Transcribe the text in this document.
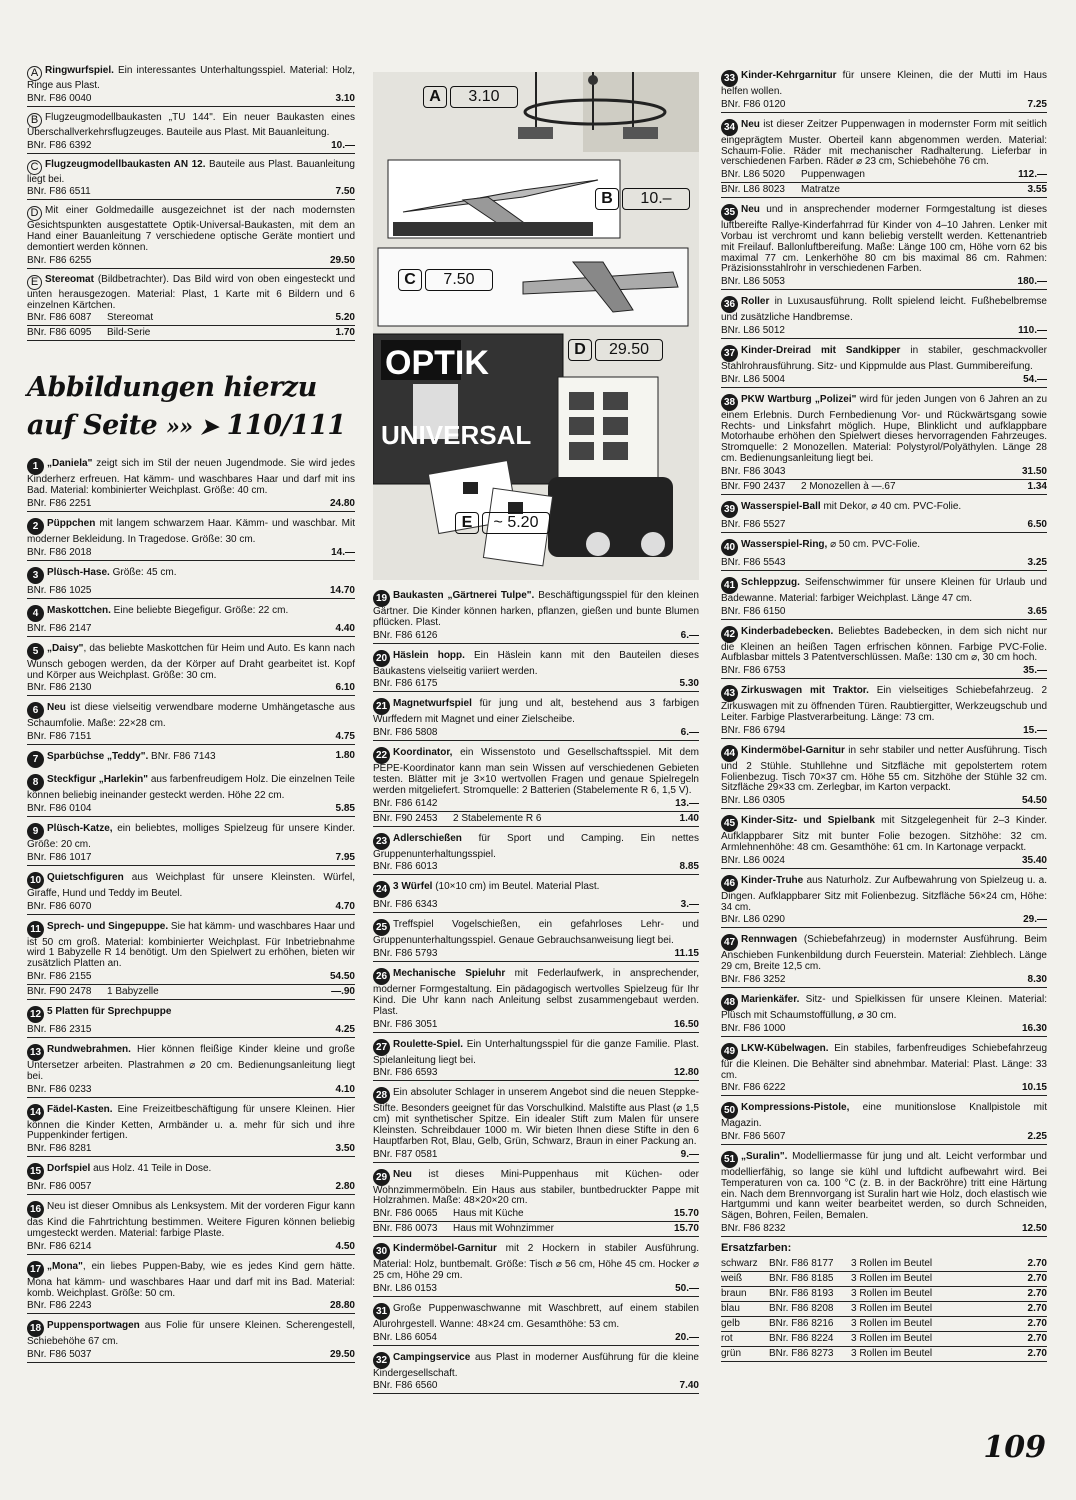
A Ringwurfspiel. Ein interessantes Unterhaltungsspiel. Material: Holz, Ringe aus Plast.
BNr. F86 0040	3.10
B Flugzeugmodellbaukasten „TU 144". Ein neuer Baukasten eines Überschallverkehrsflugzeuges. Bauteile aus Plast. Mit Bauanleitung.
BNr. F86 6392	10.—
C Flugzeugmodellbaukasten AN 12. Bauteile aus Plast. Bauanleitung liegt bei.
BNr. F86 6511	7.50
D Mit einer Goldmedaille ausgezeichnet ist der nach modernsten Gesichtspunkten ausgestattete Optik-Universal-Baukasten, mit dem an Hand einer Bauanleitung 7 verschiedene optische Geräte montiert und demontiert werden können.
BNr. F86 6255	29.50
E Stereomat (Bildbetrachter). Das Bild wird von oben eingesteckt und unten herausgezogen. Material: Plast, 1 Karte mit 6 Bildern und 6 einzelnen Kärtchen.
BNr. F86 6087	Stereomat	5.20
BNr. F86 6095	Bild-Serie	1.70
Abbildungen hierzu
auf Seite »» ➤ 110/111
1 „Daniela" zeigt sich im Stil der neuen Jugendmode. Sie wird jedes Kinderherz erfreuen. Hat kämm- und waschbares Haar und darf mit ins Bad. Material: kombinierter Weichplast. Größe: 40 cm.
BNr. F86 2251	24.80
2 Püppchen mit langem schwarzem Haar. Kämm- und waschbar. Mit moderner Bekleidung. In Tragedose. Größe: 30 cm.
BNr. F86 2018	14.—
3 Plüsch-Hase. Größe: 45 cm.
BNr. F86 1025	14.70
4 Maskottchen. Eine beliebte Biegefigur. Größe: 22 cm.
BNr. F86 2147	4.40
5 „Daisy", das beliebte Maskottchen für Heim und Auto. Es kann nach Wunsch gebogen werden, da der Körper auf Draht gearbeitet ist. Kopf und Körper aus Weichplast. Größe: 30 cm.
BNr. F86 2130	6.10
6 Neu ist diese vielseitig verwendbare moderne Umhängetasche aus Schaumfolie. Maße: 22×28 cm.
BNr. F86 7151	4.75
7 Sparbüchse „Teddy". BNr. F86 7143	1.80
8 Steckfigur „Harlekin" aus farbenfreudigem Holz. Die einzelnen Teile können beliebig ineinander gesteckt werden. Höhe 22 cm.
BNr. F86 0104	5.85
9 Plüsch-Katze, ein beliebtes, molliges Spielzeug für unsere Kinder. Größe: 20 cm.
BNr. F86 1017	7.95
10 Quietschfiguren aus Weichplast für unsere Kleinsten. Würfel, Giraffe, Hund und Teddy im Beutel.
BNr. F86 6070	4.70
11 Sprech- und Singepuppe. Sie hat kämm- und waschbares Haar und ist 50 cm groß. Material: kombinierter Weichplast. Für Inbetriebnahme wird 1 Babyzelle R 14 benötigt. Um den Spielwert zu erhöhen, bieten wir zusätzlich Platten an.
BNr. F86 2155	54.50
BNr. F90 2478	1 Babyzelle	—.90
12 5 Platten für Sprechpuppe
BNr. F86 2315	4.25
13 Rundwebrahmen. Hier können fleißige Kinder kleine und große Untersetzer arbeiten. Plastrahmen ⌀ 20 cm. Bedienungsanleitung liegt bei.
BNr. F86 0233	4.10
14 Fädel-Kasten. Eine Freizeitbeschäftigung für unsere Kleinen. Hier können die Kinder Ketten, Armbänder u. a. mehr für sich und ihre Puppenkinder fertigen.
BNr. F86 8281	3.50
15 Dorfspiel aus Holz. 41 Teile in Dose.
BNr. F86 0057	2.80
16 Neu ist dieser Omnibus als Lenksystem. Mit der vorderen Figur kann das Kind die Fahrtrichtung bestimmen. Weitere Figuren können beliebig umgesteckt werden. Material: farbige Plaste.
BNr. F86 6214	4.50
17 „Mona", ein liebes Puppen-Baby, wie es jedes Kind gern hätte. Mona hat kämm- und waschbares Haar und darf mit ins Bad. Material: komb. Weichplast. Größe: 50 cm.
BNr. F86 2243	28.80
18 Puppensportwagen aus Folie für unsere Kleinen. Scherengestell, Schiebehöhe 67 cm.
BNr. F86 5037	29.50
OPTIK
UNIVERSAL
A	3.10
B	10.–
C	7.50
D	29.50
E	~ 5.20
19 Baukasten „Gärtnerei Tulpe". Beschäftigungsspiel für den kleinen Gärtner. Die Kinder können harken, pflanzen, gießen und bunte Blumen pflücken. Plast.
BNr. F86 6126	6.—
20 Häslein hopp. Ein Häslein kann mit den Bauteilen dieses Baukastens vielseitig variiert werden.
BNr. F86 6175	5.30
21 Magnetwurfspiel für jung und alt, bestehend aus 3 farbigen Wurffedern mit Magnet und einer Zielscheibe.
BNr. F86 5808	6.—
22 Koordinator, ein Wissenstoto und Gesellschaftsspiel. Mit dem PEPE-Koordinator kann man sein Wissen auf verschiedenen Gebieten testen. Blätter mit je 3×10 wertvollen Fragen und genaue Spielregeln werden mitgeliefert. Stromquelle: 2 Batterien (Stabelemente R 6, 1,5 V).
BNr. F86 6142	13.—
BNr. F90 2453	2 Stabelemente R 6	1.40
23 Adlerschießen für Sport und Camping. Ein nettes Gruppenunterhaltungsspiel.
BNr. F86 6013	8.85
24 3 Würfel (10×10 cm) im Beutel. Material Plast.
BNr. F86 6343	3.—
25 Treffspiel Vogelschießen, ein gefahrloses Lehr- und Gruppenunterhaltungsspiel. Genaue Gebrauchsanweisung liegt bei.
BNr. F86 5793	11.15
26 Mechanische Spieluhr mit Federlaufwerk, in ansprechender, moderner Formgestaltung. Ein pädagogisch wertvolles Spielzeug für Ihr Kind. Die Uhr kann nach Anleitung selbst zusammengebaut werden. Plast.
BNr. F86 3051	16.50
27 Roulette-Spiel. Ein Unterhaltungsspiel für die ganze Familie. Plast. Spielanleitung liegt bei.
BNr. F86 6593	12.80
28 Ein absoluter Schlager in unserem Angebot sind die neuen Steppke-Stifte. Besonders geeignet für das Vorschulkind. Malstifte aus Plast (⌀ 1,5 cm) mit synthetischer Spitze. Ein idealer Stift zum Malen für unsere Kleinsten. Schreibdauer 1000 m. Wir bieten Ihnen diese Stifte in den 6 Hauptfarben Rot, Blau, Gelb, Grün, Schwarz, Braun in einer Packung an.
BNr. F87 0581	9.—
29 Neu ist dieses Mini-Puppenhaus mit Küchen- oder Wohnzimmermöbeln. Ein Haus aus stabiler, buntbedruckter Pappe mit Holzrahmen. Maße: 48×20×20 cm.
BNr. F86 0065	Haus mit Küche	15.70
BNr. F86 0073	Haus mit Wohnzimmer	15.70
30 Kindermöbel-Garnitur mit 2 Hockern in stabiler Ausführung. Material: Holz, buntbemalt. Größe: Tisch ⌀ 56 cm, Höhe 45 cm. Hocker ⌀ 25 cm, Höhe 29 cm.
BNr. L86 0153	50.—
31 Große Puppenwaschwanne mit Waschbrett, auf einem stabilen Alurohrgestell. Wanne: 48×24 cm. Gesamthöhe: 53 cm.
BNr. L86 6054	20.—
32 Campingservice aus Plast in moderner Ausführung für die kleine Kindergesellschaft.
BNr. F86 6560	7.40
33 Kinder-Kehrgarnitur für unsere Kleinen, die der Mutti im Haus helfen wollen.
BNr. F86 0120	7.25
34 Neu ist dieser Zeitzer Puppenwagen in modernster Form mit seitlich eingeprägtem Muster. Oberteil kann abgenommen werden. Material: Schaum-Folie. Räder mit mechanischer Radhalterung. Lieferbar in verschiedenen Farben. Räder ⌀ 23 cm, Schiebehöhe 76 cm.
BNr. L86 5020	Puppenwagen	112.—
BNr. L86 8023	Matratze	3.55
35 Neu und in ansprechender moderner Formgestaltung ist dieses luftbereifte Rallye-Kinderfahrrad für Kinder von 4–10 Jahren. Lenker mit Vorbau ist verchromt und kann beliebig verstellt werden. Kettenantrieb mit Freilauf. Ballonluftbereifung. Maße: Länge 100 cm, Höhe vorn 62 bis maximal 77 cm. Lenkerhöhe 80 cm bis maximal 86 cm. Rahmen: Präzisionsstahlrohr in verschiedenen Farben.
BNr. L86 5053	180.—
36 Roller in Luxusausführung. Rollt spielend leicht. Fußhebelbremse und zusätzliche Handbremse.
BNr. L86 5012	110.—
37 Kinder-Dreirad mit Sandkipper in stabiler, geschmackvoller Stahlrohrausführung. Sitz- und Kippmulde aus Plast. Gummibereifung.
BNr. L86 5004	54.—
38 PKW Wartburg „Polizei" wird für jeden Jungen von 6 Jahren an zu einem Erlebnis. Durch Fernbedienung Vor- und Rückwärtsgang sowie Rechts- und Linksfahrt möglich. Hupe, Blinklicht und aufklappbare Motorhaube erhöhen den Spielwert dieses hervorragenden Fahrzeuges. Stromquelle: 2 Monozellen. Material: Polystyrol/Polyäthylen. Länge 28 cm. Bedienungsanleitung liegt bei.
BNr. F86 3043	31.50
BNr. F90 2437	2 Monozellen à —.67	1.34
39 Wasserspiel-Ball mit Dekor, ⌀ 40 cm. PVC-Folie.
BNr. F86 5527	6.50
40 Wasserspiel-Ring, ⌀ 50 cm. PVC-Folie.
BNr. F86 5543	3.25
41 Schleppzug. Seifenschwimmer für unsere Kleinen für Urlaub und Badewanne. Material: farbiger Weichplast. Länge 47 cm.
BNr. F86 6150	3.65
42 Kinderbadebecken. Beliebtes Badebecken, in dem sich nicht nur die Kleinen an heißen Tagen erfrischen können. Farbige PVC-Folie. Aufblasbar mittels 3 Patentverschlüssen. Maße: 130 cm ⌀, 30 cm hoch.
BNr. F86 6753	35.—
43 Zirkuswagen mit Traktor. Ein vielseitiges Schiebefahrzeug. 2 Zirkuswagen mit zu öffnenden Türen. Raubtiergitter, Werkzeugschub und Leiter. Farbige Plastverarbeitung. Länge: 73 cm.
BNr. F86 6794	15.—
44 Kindermöbel-Garnitur in sehr stabiler und netter Ausführung. Tisch und 2 Stühle. Stuhllehne und Sitzfläche mit gepolstertem rotem Folienbezug. Tisch 70×37 cm. Höhe 55 cm. Sitzhöhe der Stühle 32 cm. Sitzfläche 29×33 cm. Zerlegbar, im Karton verpackt.
BNr. L86 0305	54.50
45 Kinder-Sitz- und Spielbank mit Sitzgelegenheit für 2–3 Kinder. Aufklappbarer Sitz mit bunter Folie bezogen. Sitzhöhe: 32 cm. Armlehnenhöhe: 48 cm. Gesamthöhe: 61 cm. In Kartonage verpackt.
BNr. L86 0024	35.40
46 Kinder-Truhe aus Naturholz. Zur Aufbewahrung von Spielzeug u. a. Dingen. Aufklappbarer Sitz mit Folienbezug. Sitzfläche 56×24 cm, Höhe: 34 cm.
BNr. L86 0290	29.—
47 Rennwagen (Schiebefahrzeug) in modernster Ausführung. Beim Anschieben Funkenbildung durch Feuerstein. Material: Ziehblech. Länge 29 cm, Breite 12,5 cm.
BNr. F86 3252	8.30
48 Marienkäfer. Sitz- und Spielkissen für unsere Kleinen. Material: Plüsch mit Schaumstoffüllung, ⌀ 30 cm.
BNr. F86 1000	16.30
49 LKW-Kübelwagen. Ein stabiles, farbenfreudiges Schiebefahrzeug für die Kleinen. Die Behälter sind abnehmbar. Material: Plast. Länge: 33 cm.
BNr. F86 6222	10.15
50 Kompressions-Pistole, eine munitionslose Knallpistole mit Magazin.
BNr. F86 5607	2.25
51 „Suralin". Modelliermasse für jung und alt. Leicht verformbar und modellierfähig, so lange sie kühl und luftdicht aufbewahrt wird. Bei Temperaturen von ca. 100 °C (z. B. in der Backröhre) tritt eine Härtung ein. Nach dem Brennvorgang ist Suralin hart wie Holz, doch elastisch wie Hartgummi und kann weiter bearbeitet werden, so durch Schneiden, Sägen, Bohren, Feilen, Bemalen.
BNr. F86 8232	12.50
Ersatzfarben:
schwarz	BNr. F86 8177	3 Rollen im Beutel	2.70
weiß	BNr. F86 8185	3 Rollen im Beutel	2.70
braun	BNr. F86 8193	3 Rollen im Beutel	2.70
blau	BNr. F86 8208	3 Rollen im Beutel	2.70
gelb	BNr. F86 8216	3 Rollen im Beutel	2.70
rot	BNr. F86 8224	3 Rollen im Beutel	2.70
grün	BNr. F86 8273	3 Rollen im Beutel	2.70
109
